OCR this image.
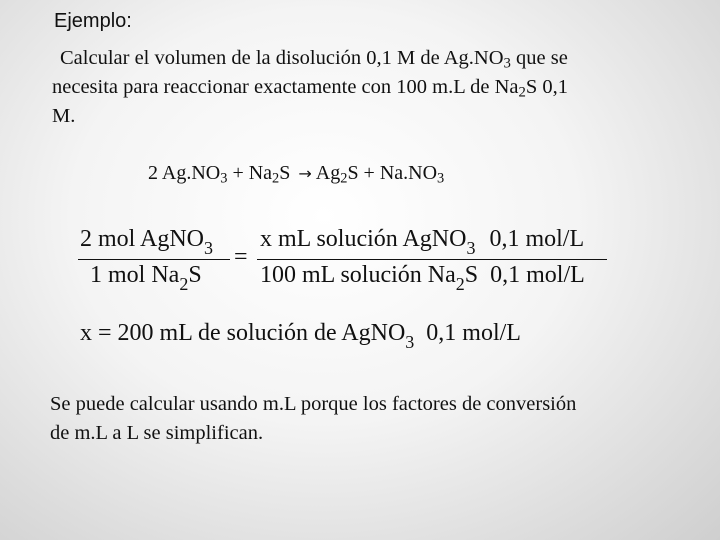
Ejemplo:
Calcular el volumen de la disolución 0,1 M de $Ag.NO_3$ que se
necesita para reaccionar exactamente con 100 m.L de $Na_2S$ 0,1
M.
2 $Ag.NO_3 + Na_2S \to Ag_2S + Na.NO_3$
2 mol AgNO$_3$
1 mol $Na_2S$
=
x mL solución AgNO$_3$ 0,1 mol/L
100 mL solución $Na_2S$ 0,1 mol/L
x = 200 mL de solución de AgNO$_3$ 0,1 mol/L
Se puede calcular usando m.L porque los factores de conversión
de m.L a L se simplifican.
